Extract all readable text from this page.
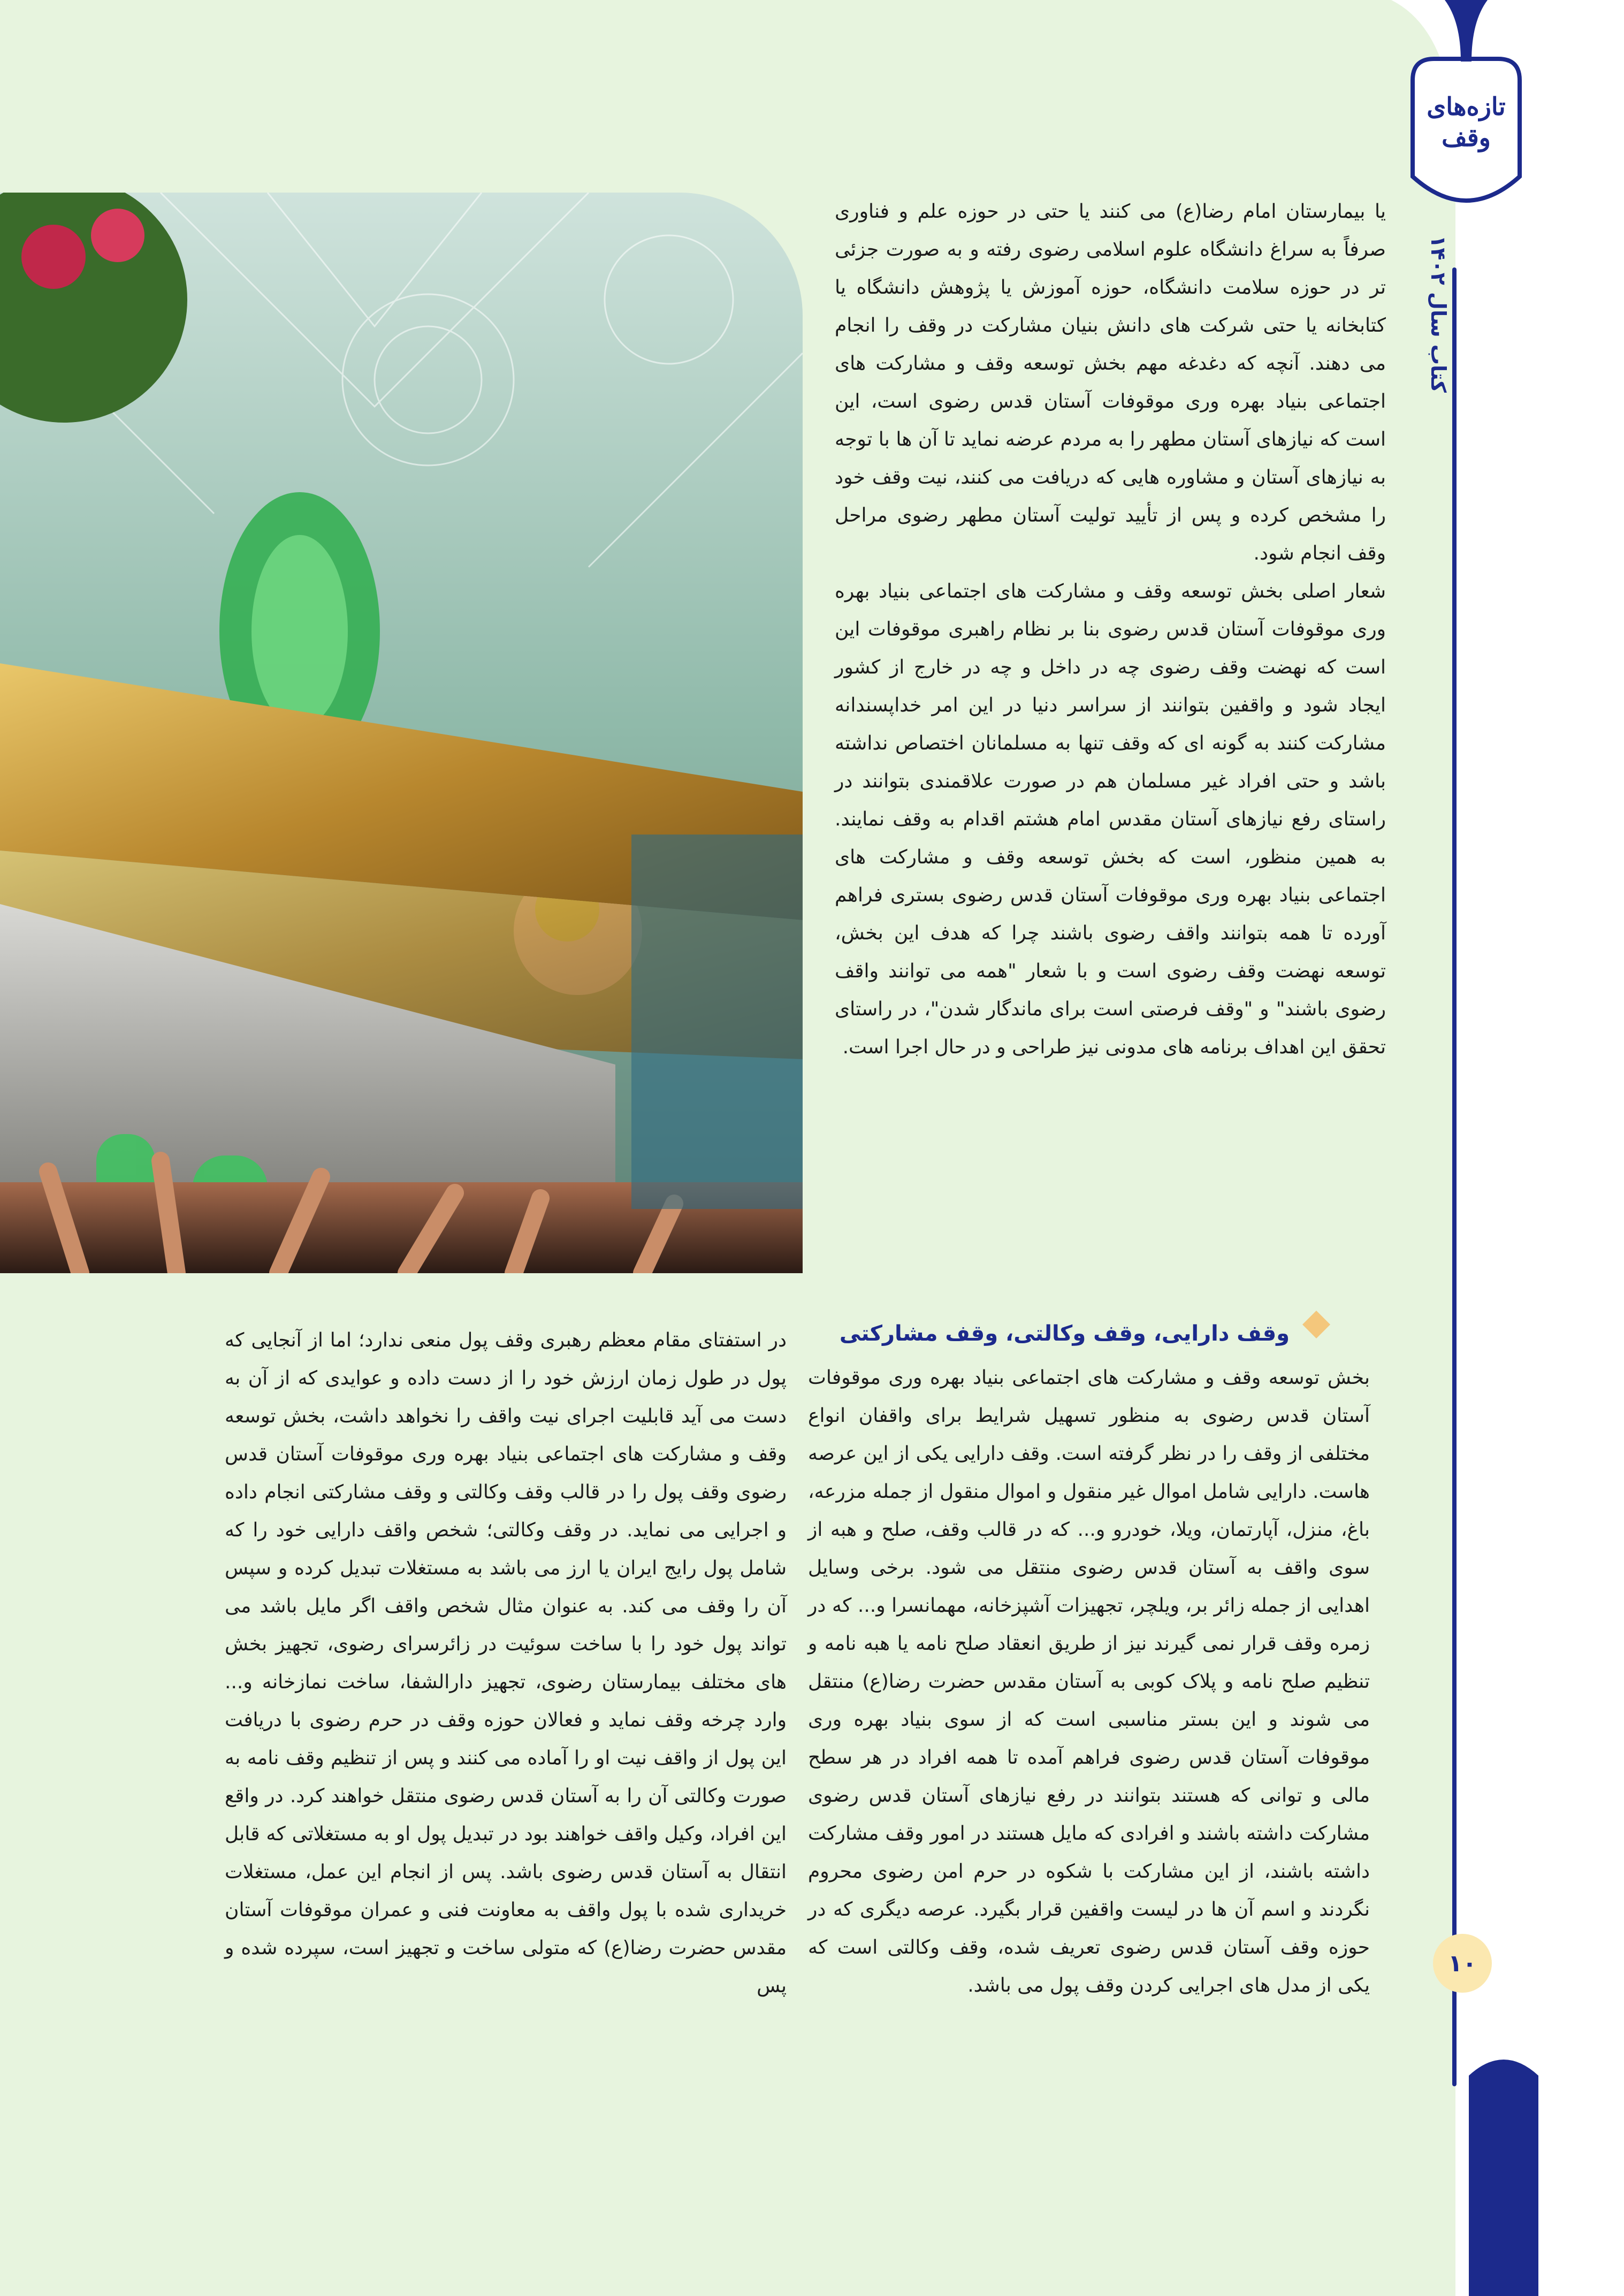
تازه‌های وقف
کتاب سال ۱۴۰۲
۱۰

یا بیمارستان امام رضا(ع) می کنند یا حتی در حوزه علم و فناوری صرفاً به سراغ دانشگاه علوم اسلامی رضوی رفته و به صورت جزئی تر در حوزه سلامت دانشگاه، حوزه آموزش یا پژوهش دانشگاه یا کتابخانه یا حتی شرکت های دانش بنیان مشارکت در وقف را انجام می دهند. آنچه که دغدغه مهم بخش توسعه وقف و مشارکت های اجتماعی بنیاد بهره وری موقوفات آستان قدس رضوی است، این است که نیازهای آستان مطهر را به مردم عرضه نماید تا آن ها با توجه به نیازهای آستان و مشاوره هایی که دریافت می کنند، نیت وقف خود را مشخص کرده و پس از تأیید تولیت آستان مطهر رضوی مراحل وقف انجام شود.

شعار اصلی بخش توسعه وقف و مشارکت های اجتماعی بنیاد بهره وری موقوفات آستان قدس رضوی بنا بر نظام راهبری موقوفات این است که نهضت وقف رضوی چه در داخل و چه در خارج از کشور ایجاد شود و واقفین بتوانند از سراسر دنیا در این امر خداپسندانه مشارکت کنند به گونه ای که وقف تنها به مسلمانان اختصاص نداشته باشد و حتی افراد غیر مسلمان هم در صورت علاقمندی بتوانند در راستای رفع نیازهای آستان مقدس امام هشتم اقدام به وقف نمایند. به همین منظور، است که بخش توسعه وقف و مشارکت های اجتماعی بنیاد بهره وری موقوفات آستان قدس رضوی بستری فراهم آورده تا همه بتوانند واقف رضوی باشند چرا که هدف این بخش، توسعه نهضت وقف رضوی است و با شعار "همه می توانند واقف رضوی باشند" و "وقف فرصتی است برای ماندگار شدن"، در راستای تحقق این اهداف برنامه های مدونی نیز طراحی و در حال اجرا است.

وقف دارایی، وقف وکالتی، وقف مشارکتی

بخش توسعه وقف و مشارکت های اجتماعی بنیاد بهره وری موقوفات آستان قدس رضوی به منظور تسهیل شرایط برای واقفان انواع مختلفی از وقف را در نظر گرفته است. وقف دارایی یکی از این عرصه هاست. دارایی شامل اموال غیر منقول و اموال منقول از جمله مزرعه، باغ، منزل، آپارتمان، ویلا، خودرو و... که در قالب وقف، صلح و هبه از سوی واقف به آستان قدس رضوی منتقل می شود. برخی وسایل اهدایی از جمله زائر بر، ویلچر، تجهیزات آشپزخانه، مهمانسرا و... که در زمره وقف قرار نمی گیرند نیز از طریق انعقاد صلح نامه یا هبه نامه و تنظیم صلح نامه و پلاک کوبی به آستان مقدس حضرت رضا(ع) منتقل می شوند و این بستر مناسبی است که از سوی بنیاد بهره وری موقوفات آستان قدس رضوی فراهم آمده تا همه افراد در هر سطح مالی و توانی که هستند بتوانند در رفع نیازهای آستان قدس رضوی مشارکت داشته باشند و افرادی که مایل هستند در امور وقف مشارکت داشته باشند، از این مشارکت با شکوه در حرم امن رضوی محروم نگردند و اسم آن ها در لیست واقفین قرار بگیرد. عرصه دیگری که در حوزه وقف آستان قدس رضوی تعریف شده، وقف وکالتی است که یکی از مدل های اجرایی کردن وقف پول می باشد.

در استفتای مقام معظم رهبری وقف پول منعی ندارد؛ اما از آنجایی که پول در طول زمان ارزش خود را از دست داده و عوایدی که از آن به دست می آید قابلیت اجرای نیت واقف را نخواهد داشت، بخش توسعه وقف و مشارکت های اجتماعی بنیاد بهره وری موقوفات آستان قدس رضوی وقف پول را در قالب وقف وکالتی و وقف مشارکتی انجام داده و اجرایی می نماید. در وقف وکالتی؛ شخص واقف دارایی خود را که شامل پول رایج ایران یا ارز می باشد به مستغلات تبدیل کرده و سپس آن را وقف می کند. به عنوان مثال شخص واقف اگر مایل باشد می تواند پول خود را با ساخت سوئیت در زائرسرای رضوی، تجهیز بخش های مختلف بیمارستان رضوی، تجهیز دارالشفا، ساخت نمازخانه و... وارد چرخه وقف نماید و فعالان حوزه وقف در حرم رضوی با دریافت این پول از واقف نیت او را آماده می کنند و پس از تنظیم وقف نامه به صورت وکالتی آن را به آستان قدس رضوی منتقل خواهند کرد. در واقع این افراد، وکیل واقف خواهند بود در تبدیل پول او به مستغلاتی که قابل انتقال به آستان قدس رضوی باشد. پس از انجام این عمل، مستغلات خریداری شده با پول واقف به معاونت فنی و عمران موقوفات آستان مقدس حضرت رضا(ع) که متولی ساخت و تجهیز است، سپرده شده و پس
